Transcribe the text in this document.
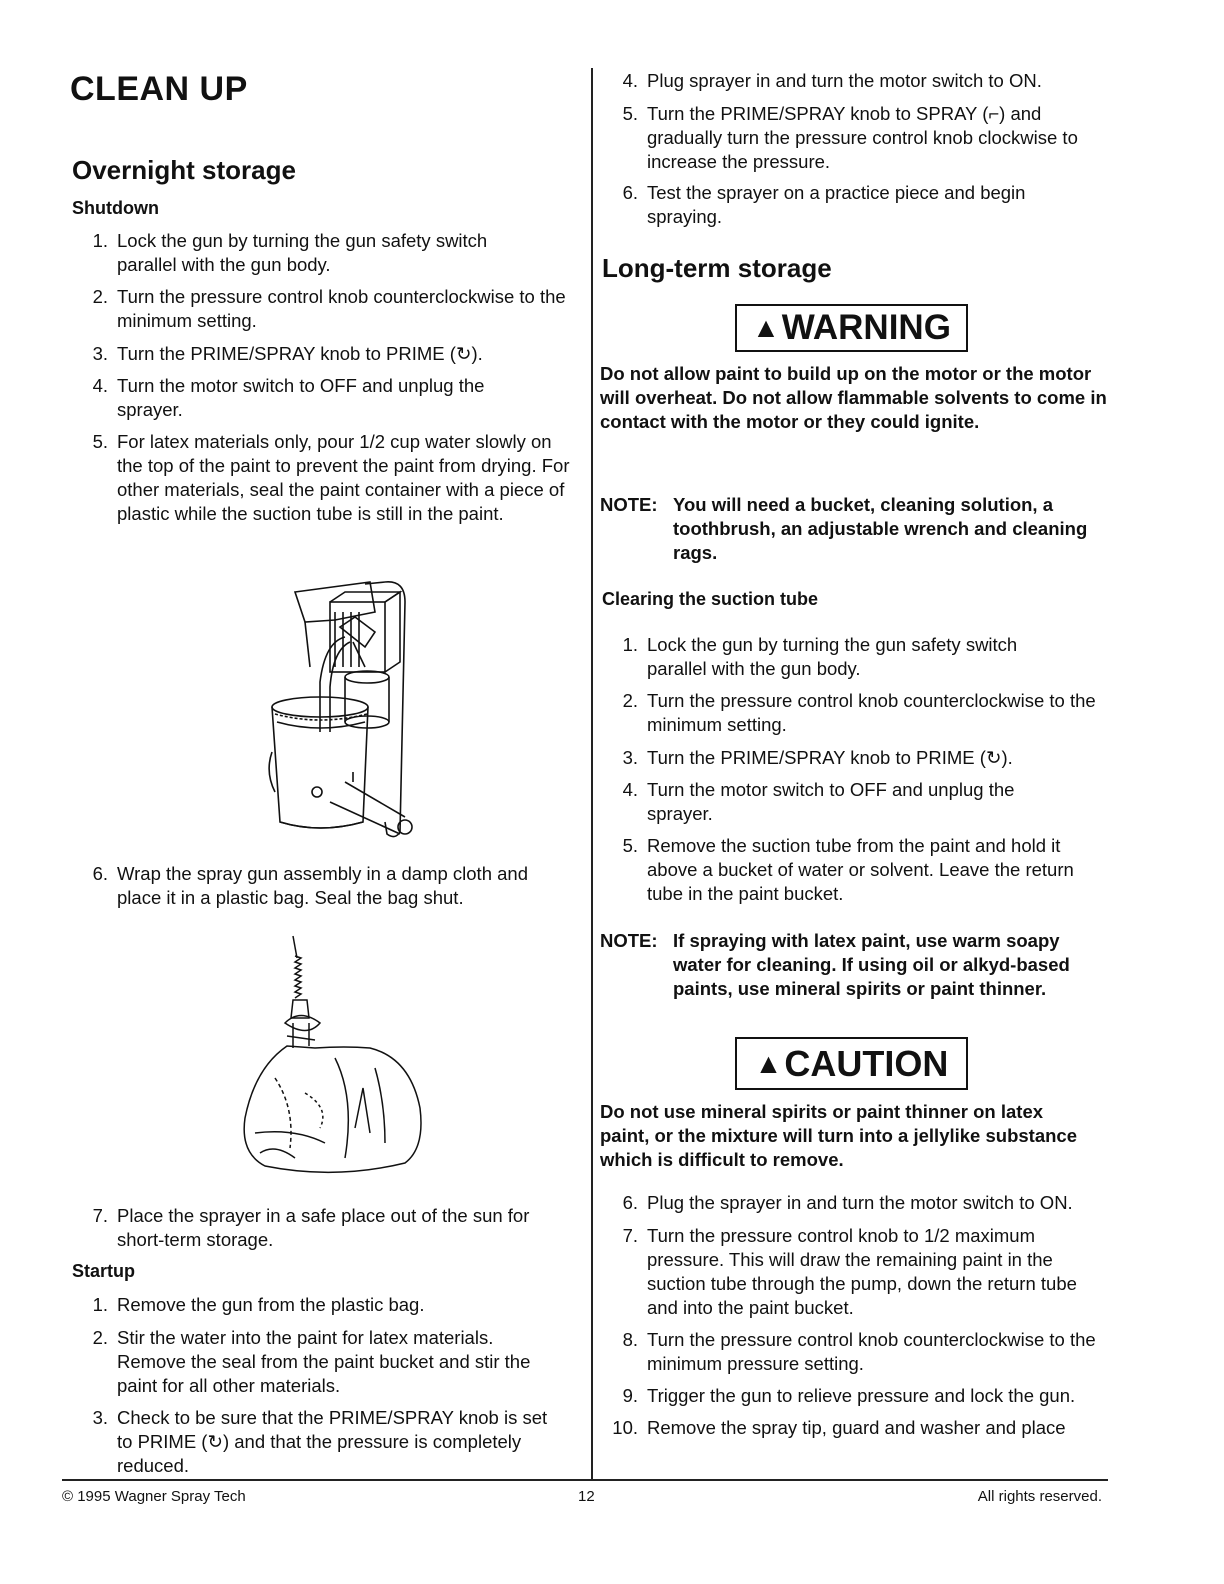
CLEAN UP
Overnight storage
Shutdown
1. Lock the gun by turning the gun safety switch parallel with the gun body.
2. Turn the pressure control knob counterclockwise to the minimum setting.
3. Turn the PRIME/SPRAY knob to PRIME (↻).
4. Turn the motor switch to OFF and unplug the sprayer.
5. For latex materials only, pour 1/2 cup water slowly on the top of the paint to prevent the paint from drying. For other materials, seal the paint container with a piece of plastic while the suction tube is still in the paint.
6. Wrap the spray gun assembly in a damp cloth and place it in a plastic bag. Seal the bag shut.
7. Place the sprayer in a safe place out of the sun for short-term storage.
Startup
1. Remove the gun from the plastic bag.
2. Stir the water into the paint for latex materials. Remove the seal from the paint bucket and stir the paint for all other materials.
3. Check to be sure that the PRIME/SPRAY knob is set to PRIME (↻) and that the pressure is completely reduced.
4. Plug sprayer in and turn the motor switch to ON.
5. Turn the PRIME/SPRAY knob to SPRAY (⌐) and gradually turn the pressure control knob clockwise to increase the pressure.
6. Test the sprayer on a practice piece and begin spraying.
Long-term storage
▲ WARNING
Do not allow paint to build up on the motor or the motor will overheat. Do not allow flammable solvents to come in contact with the motor or they could ignite.
NOTE: You will need a bucket, cleaning solution, a toothbrush, an adjustable wrench and cleaning rags.
Clearing the suction tube
1. Lock the gun by turning the gun safety switch parallel with the gun body.
2. Turn the pressure control knob counterclockwise to the minimum setting.
3. Turn the PRIME/SPRAY knob to PRIME (↻).
4. Turn the motor switch to OFF and unplug the sprayer.
5. Remove the suction tube from the paint and hold it above a bucket of water or solvent. Leave the return tube in the paint bucket.
NOTE: If spraying with latex paint, use warm soapy water for cleaning. If using oil or alkyd-based paints, use mineral spirits or paint thinner.
▲ CAUTION
Do not use mineral spirits or paint thinner on latex paint, or the mixture will turn into a jellylike substance which is difficult to remove.
6. Plug the sprayer in and turn the motor switch to ON.
7. Turn the pressure control knob to 1/2 maximum pressure. This will draw the remaining paint in the suction tube through the pump, down the return tube and into the paint bucket.
8. Turn the pressure control knob counterclockwise to the minimum pressure setting.
9. Trigger the gun to relieve pressure and lock the gun.
10. Remove the spray tip, guard and washer and place
© 1995 Wagner Spray Tech	12	All rights reserved.
